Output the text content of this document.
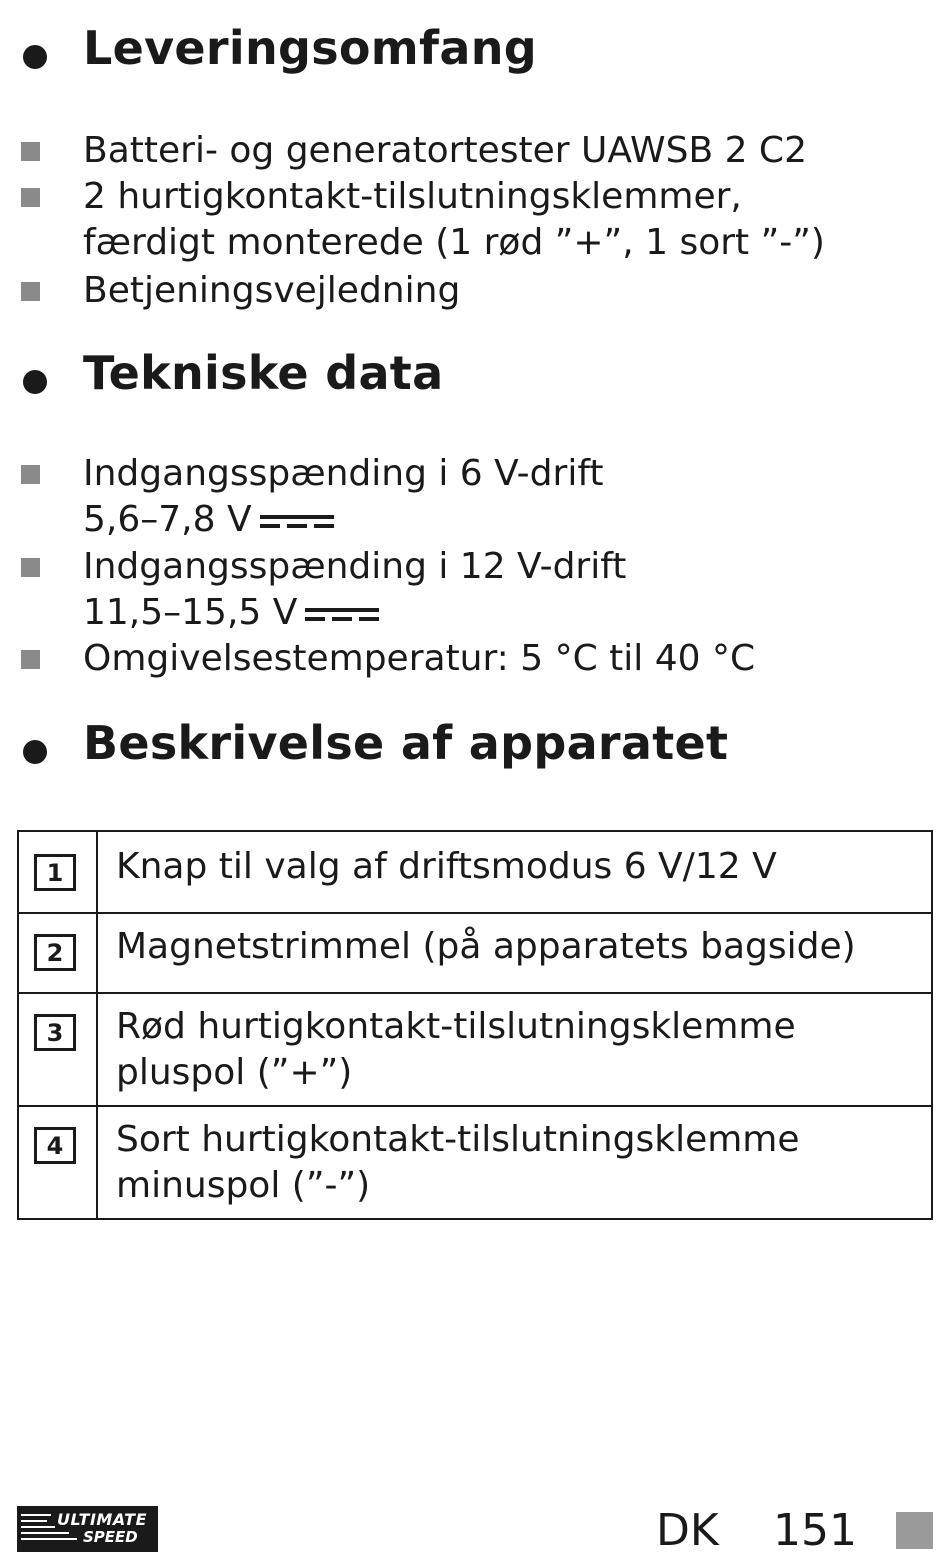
Leveringsomfang
Batteri- og generatortester UAWSB 2 C2
2 hurtigkontakt-tilslutningsklemmer,
færdigt monterede (1 rød ”+”, 1 sort ”-”)
Betjeningsvejledning
Tekniske data
Indgangsspænding i 6 V-drift
5,6–7,8 V
Indgangsspænding i 12 V-drift
11,5–15,5 V
Omgivelsestemperatur: 5 °C til 40 °C
Beskrivelse af apparatet
1	Knap til valg af driftsmodus 6 V/12 V
2	Magnetstrimmel (på apparatets bagside)
3	Rød hurtigkontakt-tilslutningsklemme
pluspol (”+”)
4	Sort hurtigkontakt-tilslutningsklemme
minuspol (”-”)
ULTIMATE
SPEED	DK 151
